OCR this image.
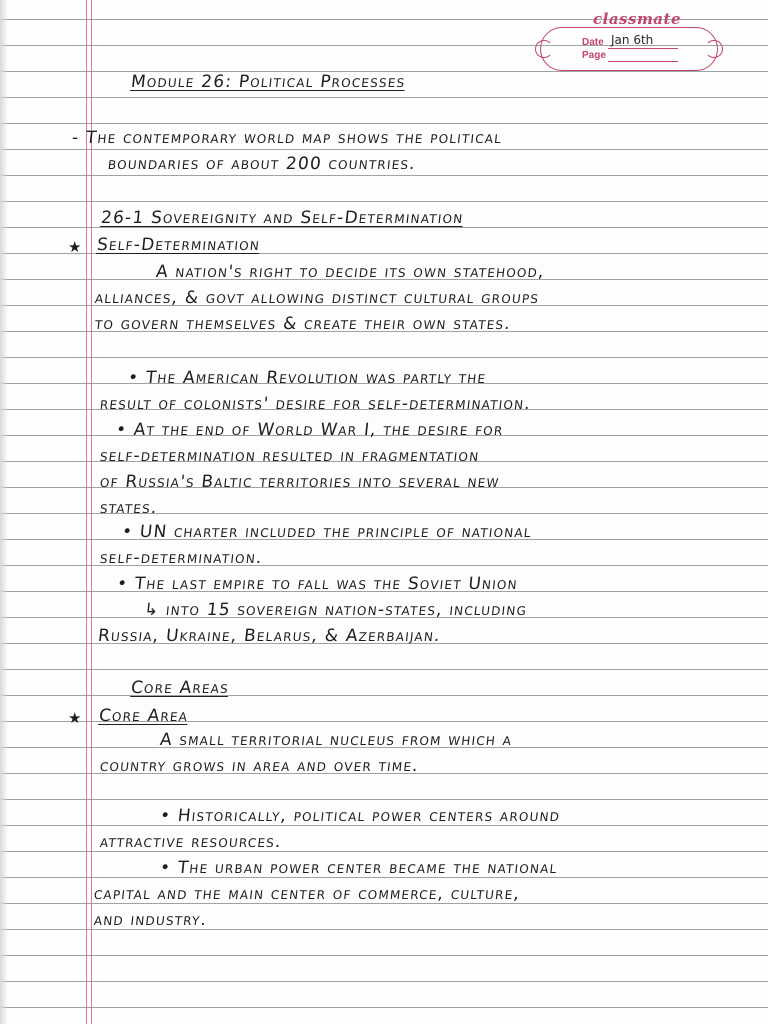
classmate
Date Jan 6th
Page
Module 26: Political Processes
- The contemporary world map shows the political
boundaries of about 200 countries.
26-1 Sovereignity and Self-Determination
★ Self-Determination
A nation's right to decide its own statehood,
alliances, & govt allowing distinct cultural groups
to govern themselves & create their own states.
• The American Revolution was partly the
result of colonists' desire for self-determination.
• At the end of World War I, the desire for
self-determination resulted in fragmentation
of Russia's Baltic territories into several new
states.
• UN charter included the principle of national
self-determination.
• The last empire to fall was the Soviet Union
↳ into 15 sovereign nation-states, including
Russia, Ukraine, Belarus, & Azerbaijan.
Core Areas
★ Core Area
A small territorial nucleus from which a
country grows in area and over time.
• Historically, political power centers around
attractive resources.
• The urban power center became the national
capital and the main center of commerce, culture,
and industry.
